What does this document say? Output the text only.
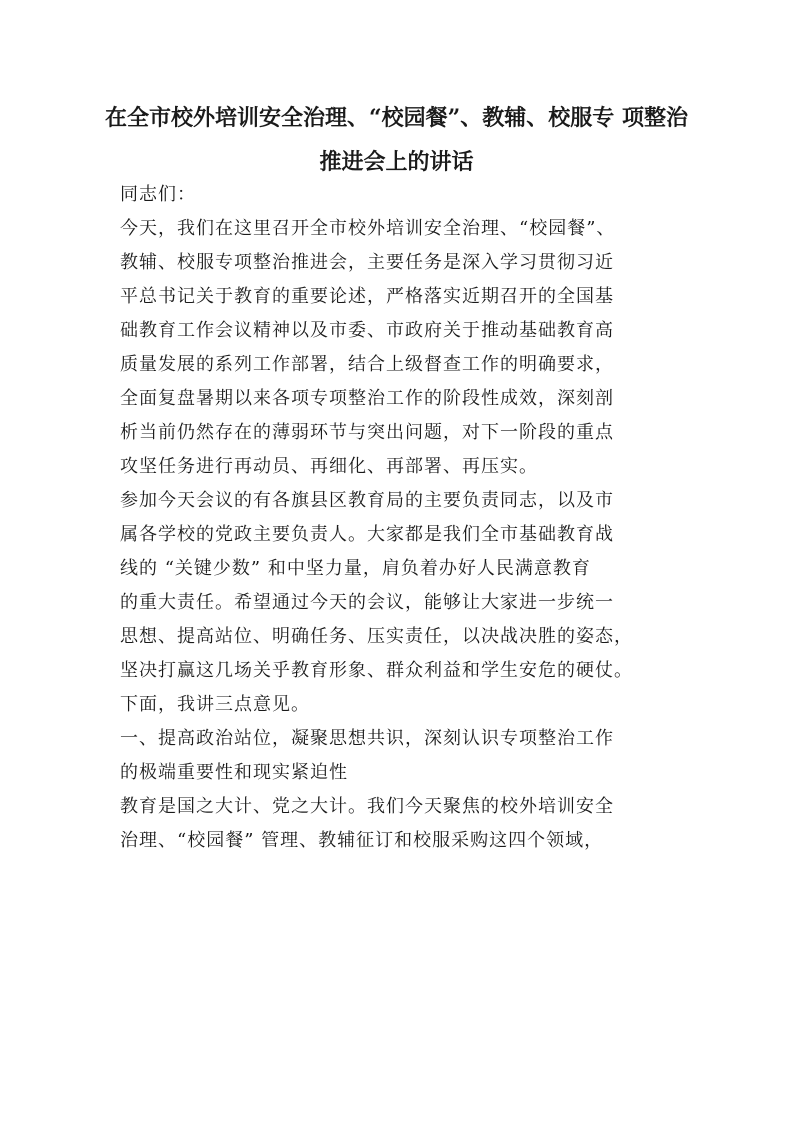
在全市校外培训安全治理、“校园餐”、教辅、校服专 项整治推进会上的讲话

同志们：

今天，我们在这里召开全市校外培训安全治理、“校园餐”、
教辅、校服专项整治推进会，主要任务是深入学习贯彻习近
平总书记关于教育的重要论述，严格落实近期召开的全国基
础教育工作会议精神以及市委、市政府关于推动基础教育高
质量发展的系列工作部署，结合上级督查工作的明确要求，
全面复盘暑期以来各项专项整治工作的阶段性成效，深刻剖
析当前仍然存在的薄弱环节与突出问题，对下一阶段的重点
攻坚任务进行再动员、再细化、再部署、再压实。

参加今天会议的有各旗县区教育局的主要负责同志，以及市
属各学校的党政主要负责人。大家都是我们全市基础教育战
线的 “关键少数” 和中坚力量，肩负着办好人民满意教育
的重大责任。希望通过今天的会议，能够让大家进一步统一
思想、提高站位、明确任务、压实责任，以决战决胜的姿态，
坚决打赢这几场关乎教育形象、群众利益和学生安危的硬仗。
下面，我讲三点意见。

一、提高政治站位，凝聚思想共识，深刻认识专项整治工作
的极端重要性和现实紧迫性

教育是国之大计、党之大计。我们今天聚焦的校外培训安全
治理、“校园餐” 管理、教辅征订和校服采购这四个领域，
